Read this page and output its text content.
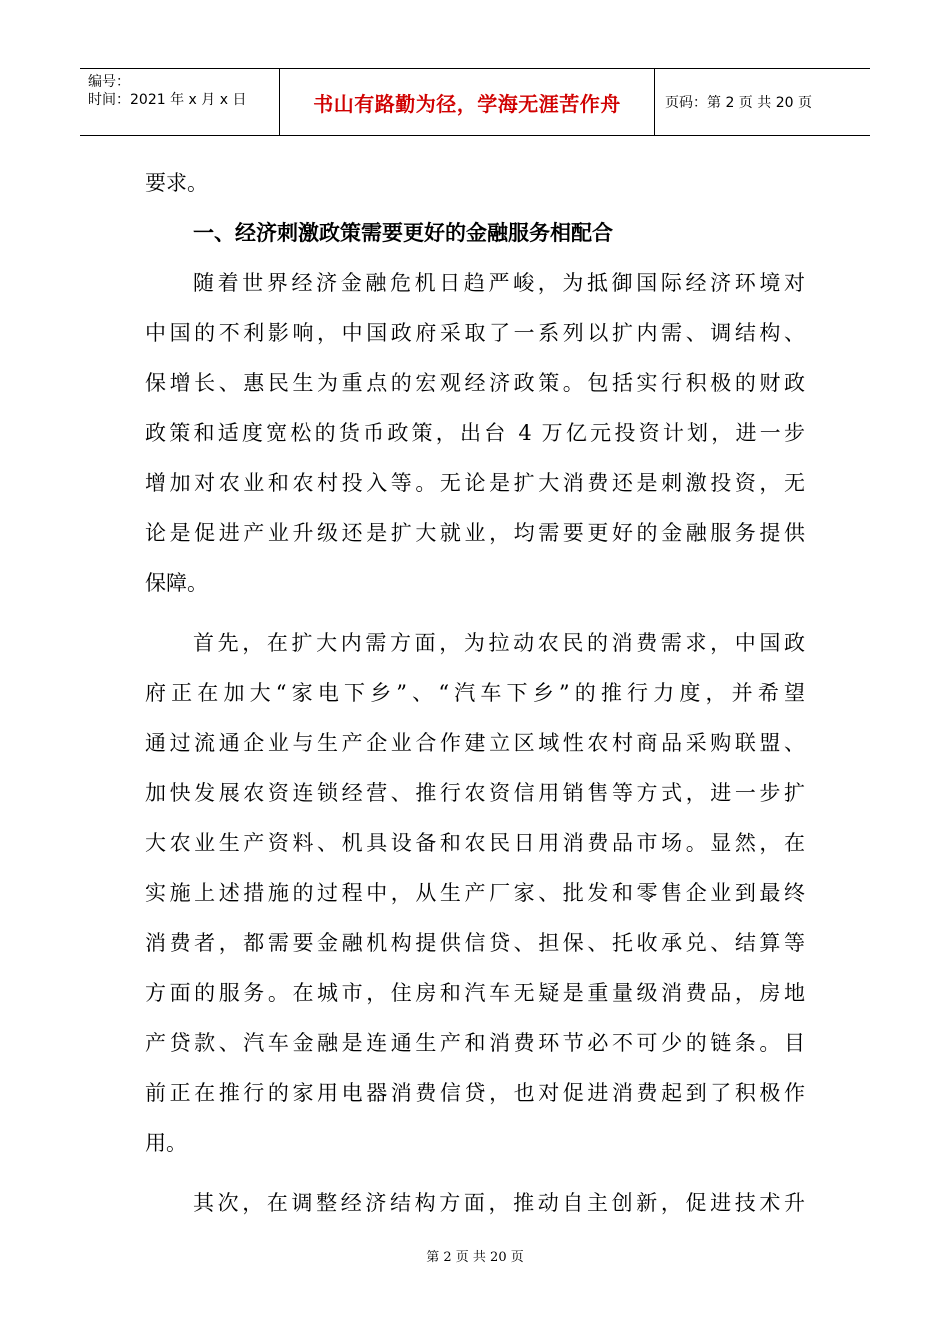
编号：
时间：2021 年 x 月 x 日	书山有路勤为径，学海无涯苦作舟	页码：第 2 页 共 20 页
要求。
一、经济刺激政策需要更好的金融服务相配合
随着世界经济金融危机日趋严峻，为抵御国际经济环境对
中国的不利影响，中国政府采取了一系列以扩内需、调结构、
保增长、惠民生为重点的宏观经济政策。包括实行积极的财政
政策和适度宽松的货币政策，出台 4 万亿元投资计划，进一步
增加对农业和农村投入等。无论是扩大消费还是刺激投资，无
论是促进产业升级还是扩大就业，均需要更好的金融服务提供
保障。
首先，在扩大内需方面，为拉动农民的消费需求，中国政
府正在加大“家电下乡”、“汽车下乡”的推行力度，并希望
通过流通企业与生产企业合作建立区域性农村商品采购联盟、
加快发展农资连锁经营、推行农资信用销售等方式，进一步扩
大农业生产资料、机具设备和农民日用消费品市场。显然，在
实施上述措施的过程中，从生产厂家、批发和零售企业到最终
消费者，都需要金融机构提供信贷、担保、托收承兑、结算等
方面的服务。在城市，住房和汽车无疑是重量级消费品，房地
产贷款、汽车金融是连通生产和消费环节必不可少的链条。目
前正在推行的家用电器消费信贷，也对促进消费起到了积极作
用。
其次，在调整经济结构方面，推动自主创新，促进技术升
第 2 页 共 20 页
